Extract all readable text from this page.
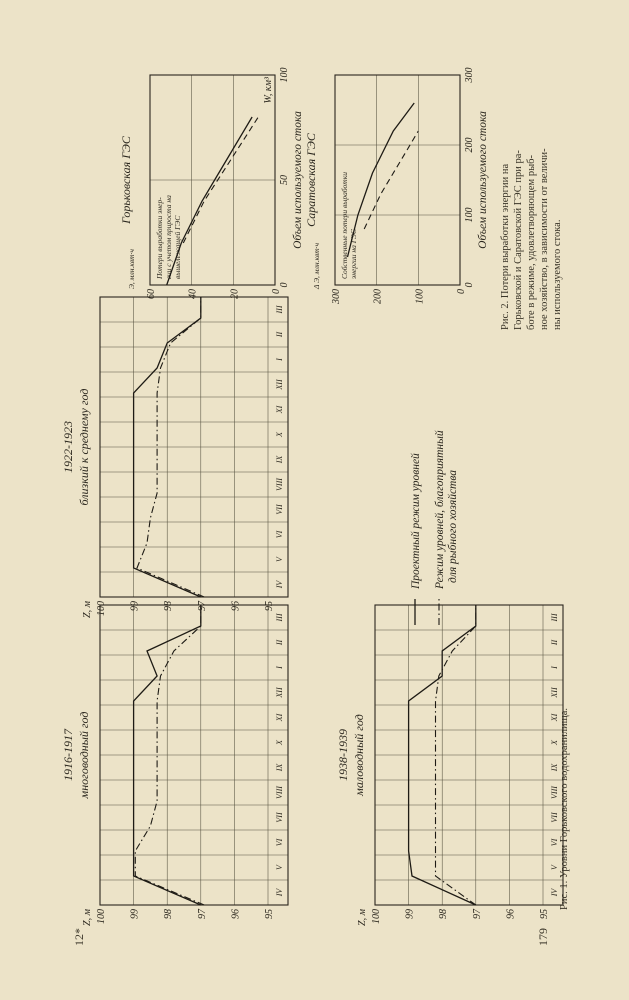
IV
V
VI
VII
VIII
IX
X
XI
XII
I
II
III
100 99 98 97 96 95
Z, м
1916-1917 многоводный год
IV
V
VI
VII
VIII
IX
X
XI
XII
I
II
III
100 99 98 97 96 95
Z, м
1922-1923 близкий к среднему год
IV
V
VI
VII
VIII
IX
X
XI
XII
I
II
III
100 99 98 97 96 95
Z, м
1938-1939 маловодный год
Проектный режим уровней Режим уровней, благоприятный для рыбного хозяйства
Рис. 1. Уровни Горьковского водохранилища.
0
50
100
60	40	20	0
Э, млн.квт·ч
W, км³
Горьковская ГЭС	Объем используемого стока
Потери выработки энер- гии с учетом прироста на вышележащей ГЭС
0
100
200
300
300	200	100	0
Δ Э, млн.квт·ч
Саратовская ГЭС	Объем используемого стока
Собственные потери выработки энергии на ГЭС	Рис. 2. Потери выработки энергии на Горьковской и Саратовской ГЭС при ра- боте в режиме, удовлетворяющем рыб- ное хозяйство, в зависимости от величи- ны используемого стока.
12*	179
